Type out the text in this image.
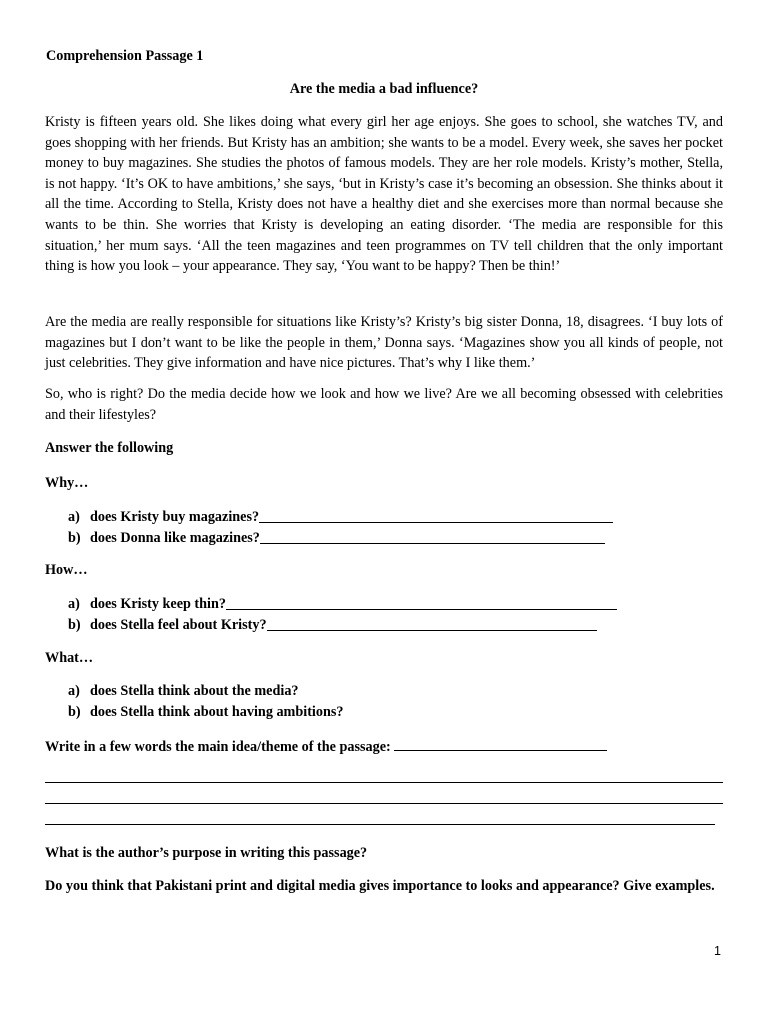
Comprehension Passage 1
Are the media a bad influence?

Kristy is fifteen years old. She likes doing what every girl her age enjoys. She goes to school, she watches TV, and goes shopping with her friends. But Kristy has an ambition; she wants to be a model. Every week, she saves her pocket money to buy magazines. She studies the photos of famous models. They are her role models. Kristy’s mother, Stella, is not happy. ‘It’s OK to have ambitions,’ she says, ‘but in Kristy’s case it’s becoming an obsession. She thinks about it all the time. According to Stella, Kristy does not have a healthy diet and she exercises more than normal because she wants to be thin. She worries that Kristy is developing an eating disorder. ‘The media are responsible for this situation,’ her mum says. ‘All the teen magazines and teen programmes on TV tell children that the only important thing is how you look – your appearance. They say, ‘You want to be happy? Then be thin!’

Are the media are really responsible for situations like Kristy’s? Kristy’s big sister Donna, 18, disagrees. ‘I buy lots of magazines but I don’t want to be like the people in them,’ Donna says. ‘Magazines show you all kinds of people, not just celebrities. They give information and have nice pictures. That’s why I like them.’

So, who is right? Do the media decide how we look and how we live? Are we all becoming obsessed with celebrities and their lifestyles?

Answer the following
Why…
a) does Kristy buy magazines?
b) does Donna like magazines?
How…
a) does Kristy keep thin?
b) does Stella feel about Kristy?
What…
a) does Stella think about the media?
b) does Stella think about having ambitions?
Write in a few words the main idea/theme of the passage:
What is the author’s purpose in writing this passage?
Do you think that Pakistani print and digital media gives importance to looks and appearance? Give examples.
1
